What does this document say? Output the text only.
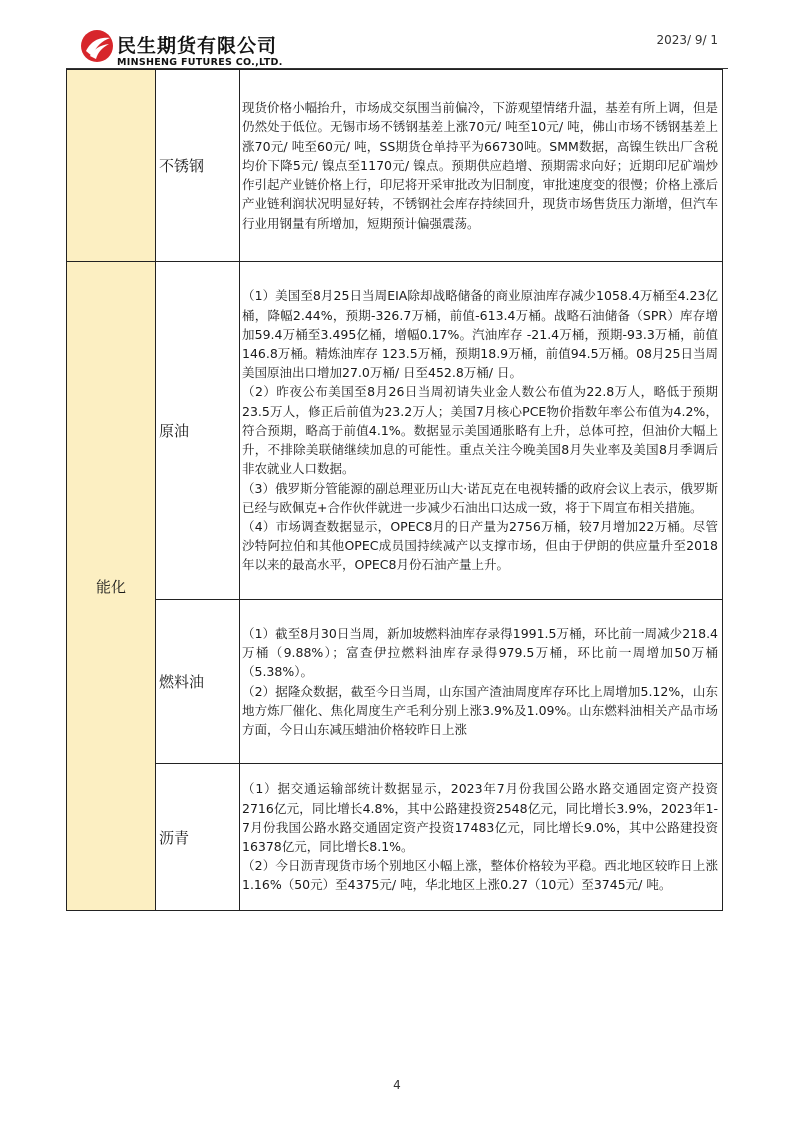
民生期货有限公司
MINSHENG FUTURES CO.,LTD.
2023/ 9/ 1
	不锈钢	现货价格小幅抬升，市场成交氛围当前偏冷，下游观望情绪升温，基差有所上调，但是仍然处于低位。无锡市场不锈钢基差上涨70元/ 吨至10元/ 吨，佛山市场不锈钢基差上涨70元/ 吨至60元/ 吨，SS期货仓单持平为66730吨。SMM数据，高镍生铁出厂含税均价下降5元/ 镍点至1170元/ 镍点。预期供应趋增、预期需求向好；近期印尼矿端炒作引起产业链价格上行，印尼将开采审批改为旧制度，审批速度变的很慢；价格上涨后产业链利润状况明显好转，不锈钢社会库存持续回升，现货市场售货压力渐增，但汽车行业用钢量有所增加，短期预计偏强震荡。

能化	原油	（1）美国至8月25日当周EIA除却战略储备的商业原油库存减少1058.4万桶至4.23亿桶，降幅2.44%，预期-326.7万桶，前值-613.4万桶。战略石油储备（SPR）库存增加59.4万桶至3.495亿桶，增幅0.17%。汽油库存 -21.4万桶，预期-93.3万桶，前值146.8万桶。精炼油库存 123.5万桶，预期18.9万桶，前值94.5万桶。08月25日当周美国原油出口增加27.0万桶/ 日至452.8万桶/ 日。

（2）昨夜公布美国至8月26日当周初请失业金人数公布值为22.8万人，略低于预期23.5万人，修正后前值为23.2万人；美国7月核心PCE物价指数年率公布值为4.2%，符合预期，略高于前值4.1%。数据显示美国通胀略有上升，总体可控，但油价大幅上升，不排除美联储继续加息的可能性。重点关注今晚美国8月失业率及美国8月季调后非农就业人口数据。

（3）俄罗斯分管能源的副总理亚历山大·诺瓦克在电视转播的政府会议上表示，俄罗斯已经与欧佩克+合作伙伴就进一步减少石油出口达成一致，将于下周宣布相关措施。

（4）市场调查数据显示，OPEC8月的日产量为2756万桶，较7月增加22万桶。尽管沙特阿拉伯和其他OPEC成员国持续减产以支撑市场，但由于伊朗的供应量升至2018年以来的最高水平，OPEC8月份石油产量上升。

	燃料油	（1）截至8月30日当周，新加坡燃料油库存录得1991.5万桶，环比前一周减少218.4万桶（9.88%）；富查伊拉燃料油库存录得979.5万桶，环比前一周增加50万桶（5.38%）。

（2）据隆众数据，截至今日当周，山东国产渣油周度库存环比上周增加5.12%，山东地方炼厂催化、焦化周度生产毛利分别上涨3.9%及1.09%。山东燃料油相关产品市场方面，今日山东减压蜡油价格较昨日上涨

	沥青	（1）据交通运输部统计数据显示，2023年7月份我国公路水路交通固定资产投资2716亿元，同比增长4.8%，其中公路建投资2548亿元，同比增长3.9%，2023年1-7月份我国公路水路交通固定资产投资17483亿元，同比增长9.0%，其中公路建投资16378亿元，同比增长8.1%。

（2）今日沥青现货市场个别地区小幅上涨，整体价格较为平稳。西北地区较昨日上涨1.16%（50元）至4375元/ 吨，华北地区上涨0.27（10元）至3745元/ 吨。

4
